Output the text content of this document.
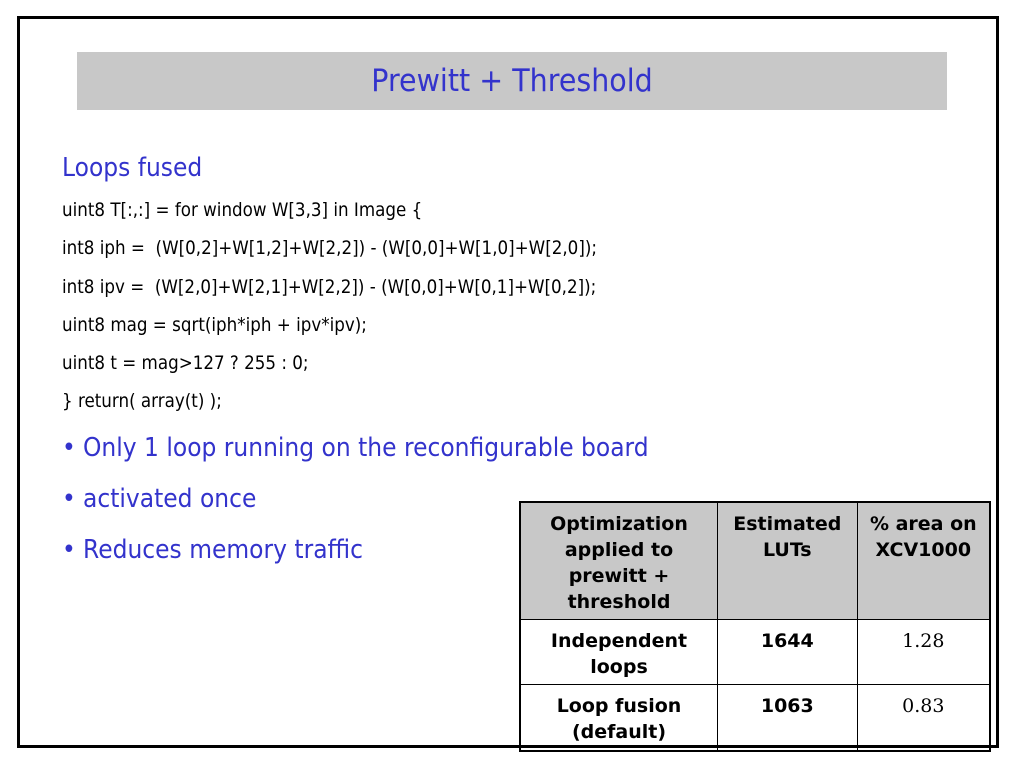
Prewitt + Threshold
Loops fused
uint8 T[:,:] = for window W[3,3] in Image {
int8 iph =  (W[0,2]+W[1,2]+W[2,2]) - (W[0,0]+W[1,0]+W[2,0]);
int8 ipv =  (W[2,0]+W[2,1]+W[2,2]) - (W[0,0]+W[0,1]+W[0,2]);
uint8 mag = sqrt(iph*iph + ipv*ipv);
uint8 t = mag>127 ? 255 : 0;
} return( array(t) );
• Only 1 loop running on the reconfigurable board
• activated once
• Reduces memory traffic
Optimization applied to prewitt + threshold	Estimated LUTs	% area on XCV1000
Independent loops	1644	1.28
Loop fusion (default)	1063	0.83
